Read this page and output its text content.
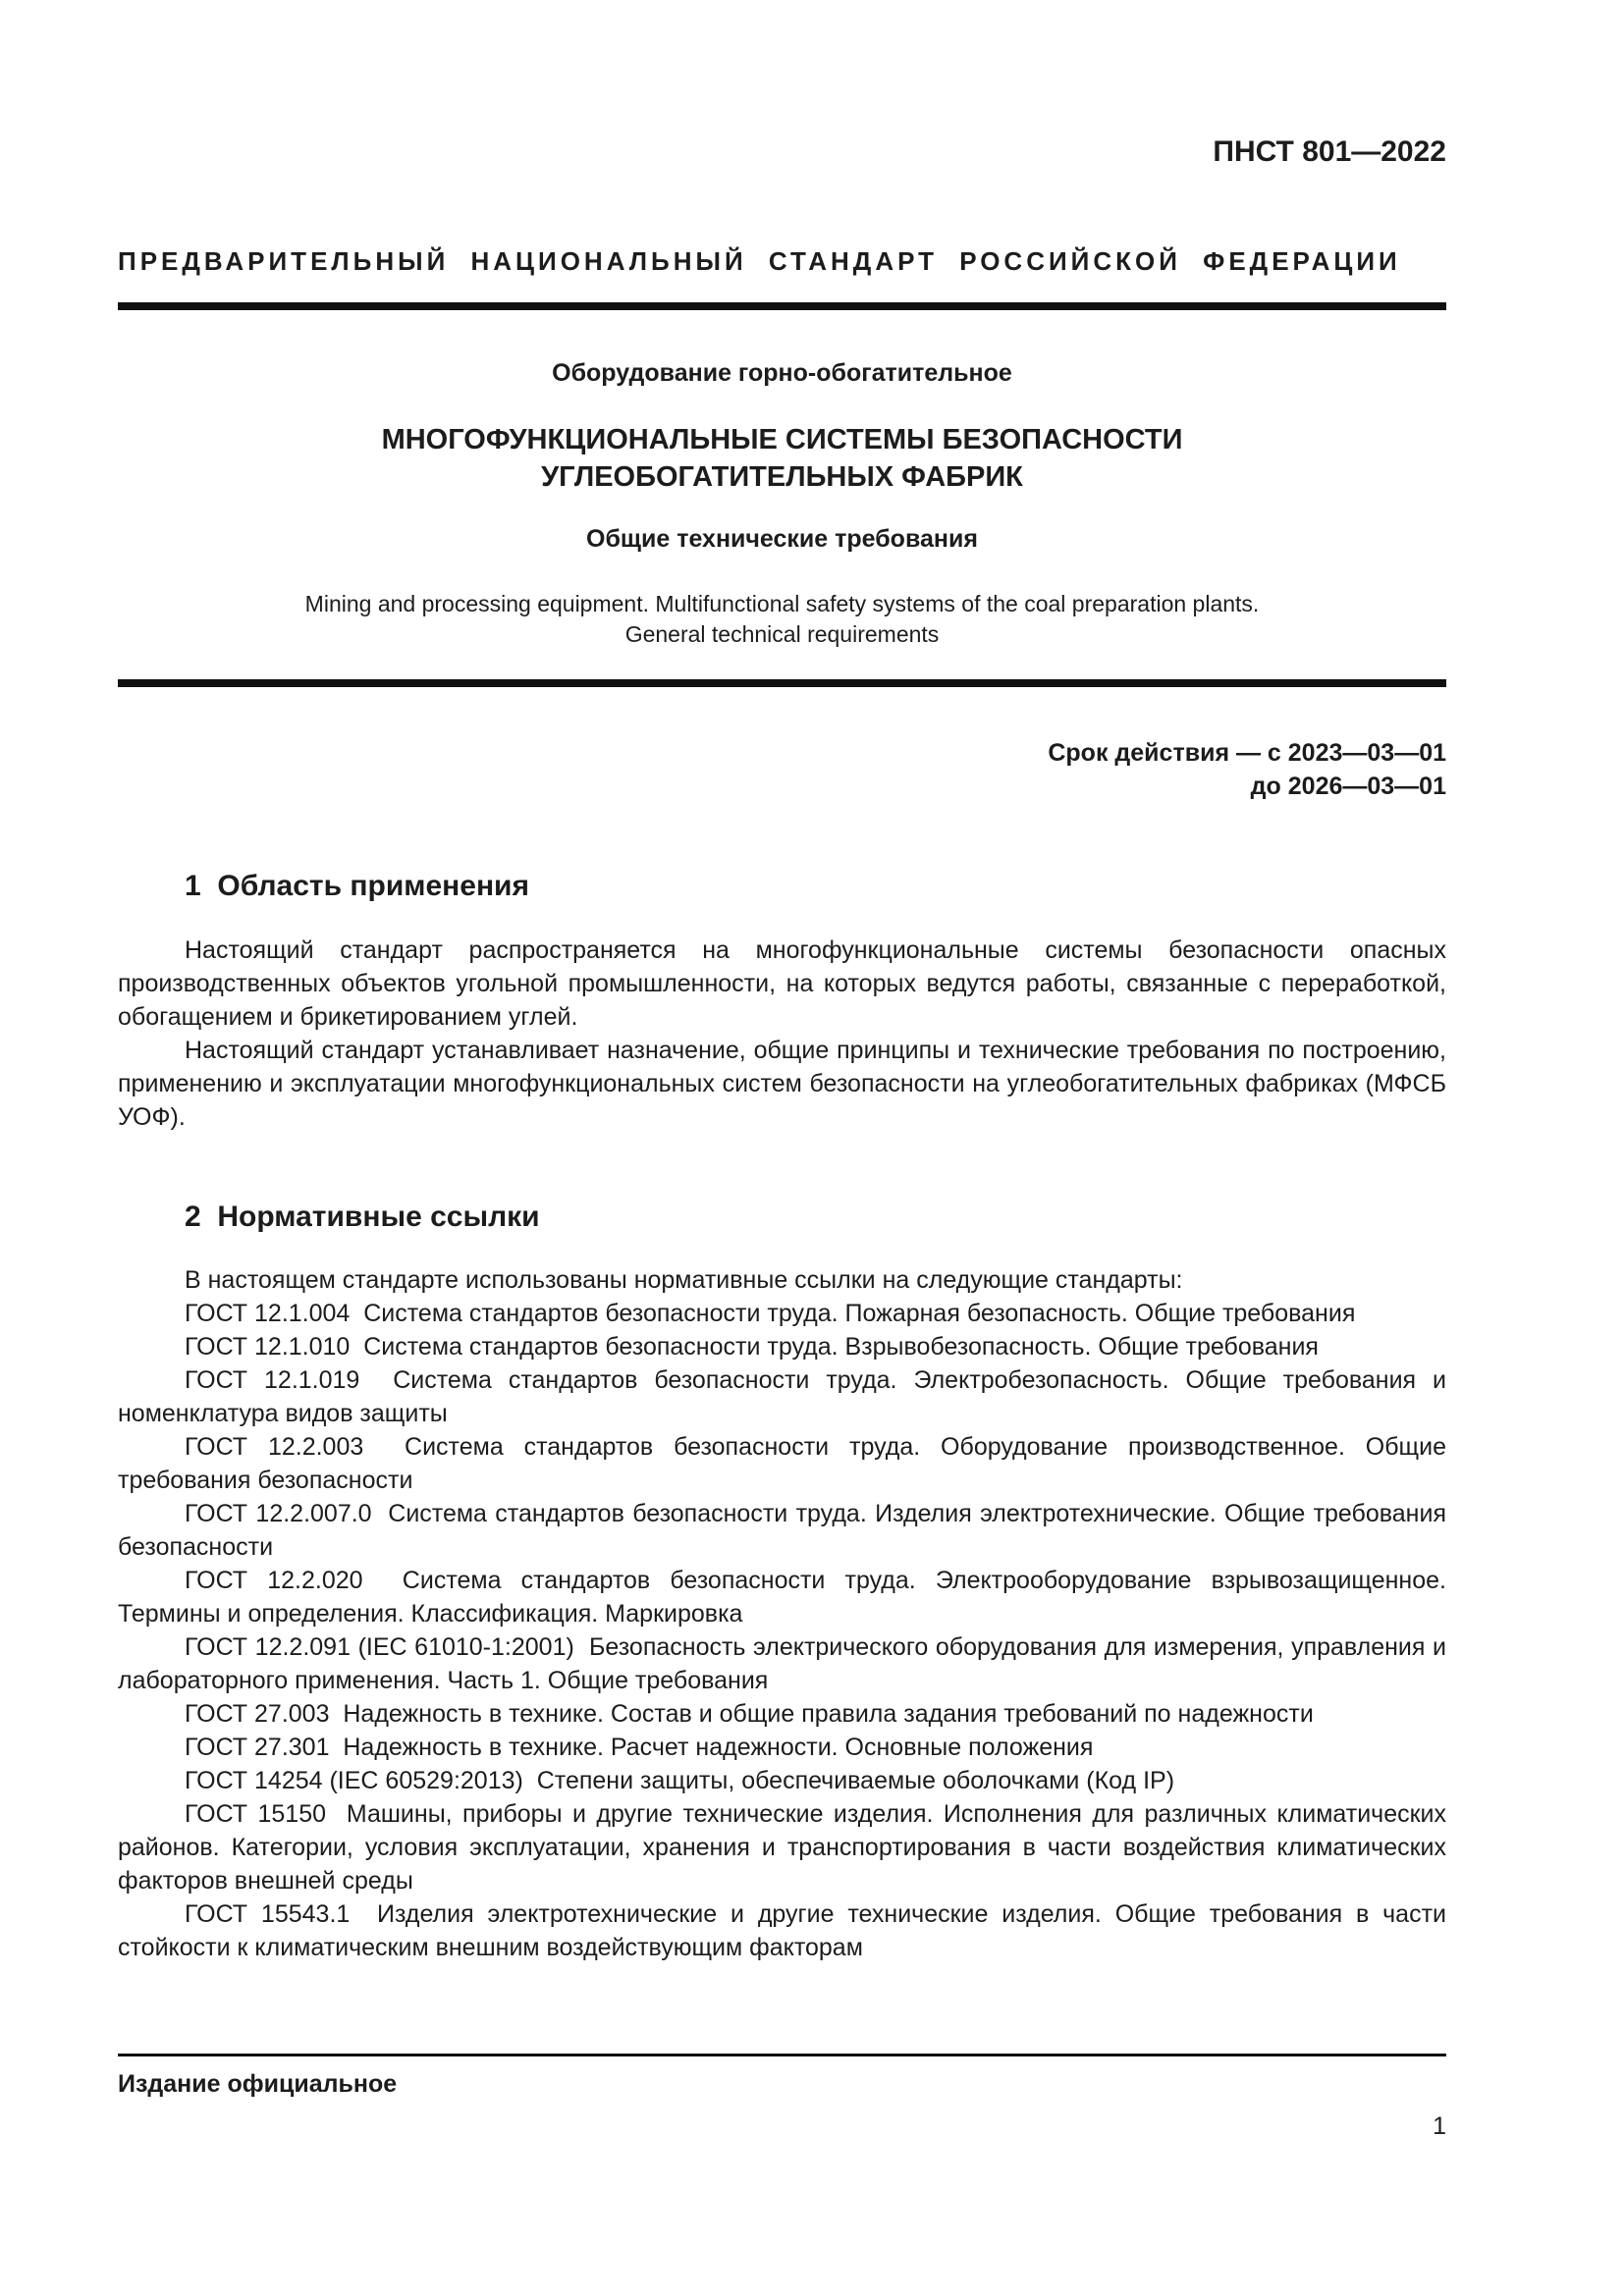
ПНСТ 801—2022
ПРЕДВАРИТЕЛЬНЫЙ НАЦИОНАЛЬНЫЙ СТАНДАРТ РОССИЙСКОЙ ФЕДЕРАЦИИ
Оборудование горно-обогатительное
МНОГОФУНКЦИОНАЛЬНЫЕ СИСТЕМЫ БЕЗОПАСНОСТИ
УГЛЕОБОГАТИТЕЛЬНЫХ ФАБРИК
Общие технические требования
Mining and processing equipment. Multifunctional safety systems of the coal preparation plants.
General technical requirements
Срок действия — с 2023—03—01
до 2026—03—01
1  Область применения

Настоящий стандарт распространяется на многофункциональные системы безопасности опасных производственных объектов угольной промышленности, на которых ведутся работы, связанные с переработкой, обогащением и брикетированием углей.

Настоящий стандарт устанавливает назначение, общие принципы и технические требования по построению, применению и эксплуатации многофункциональных систем безопасности на углеобогатительных фабриках (МФСБ УОФ).

2  Нормативные ссылки

В настоящем стандарте использованы нормативные ссылки на следующие стандарты:

ГОСТ 12.1.004  Система стандартов безопасности труда. Пожарная безопасность. Общие требования

ГОСТ 12.1.010  Система стандартов безопасности труда. Взрывобезопасность. Общие требования

ГОСТ 12.1.019  Система стандартов безопасности труда. Электробезопасность. Общие требования и номенклатура видов защиты

ГОСТ 12.2.003  Система стандартов безопасности труда. Оборудование производственное. Общие требования безопасности

ГОСТ 12.2.007.0  Система стандартов безопасности труда. Изделия электротехнические. Общие требования безопасности

ГОСТ 12.2.020  Система стандартов безопасности труда. Электрооборудование взрывозащищенное. Термины и определения. Классификация. Маркировка

ГОСТ 12.2.091 (IEC 61010-1:2001)  Безопасность электрического оборудования для измерения, управления и лабораторного применения. Часть 1. Общие требования

ГОСТ 27.003  Надежность в технике. Состав и общие правила задания требований по надежности

ГОСТ 27.301  Надежность в технике. Расчет надежности. Основные положения

ГОСТ 14254 (IEC 60529:2013)  Степени защиты, обеспечиваемые оболочками (Код IP)

ГОСТ 15150  Машины, приборы и другие технические изделия. Исполнения для различных климатических районов. Категории, условия эксплуатации, хранения и транспортирования в части воздействия климатических факторов внешней среды

ГОСТ 15543.1  Изделия электротехнические и другие технические изделия. Общие требования в части стойкости к климатическим внешним воздействующим факторам

Издание официальное
1
